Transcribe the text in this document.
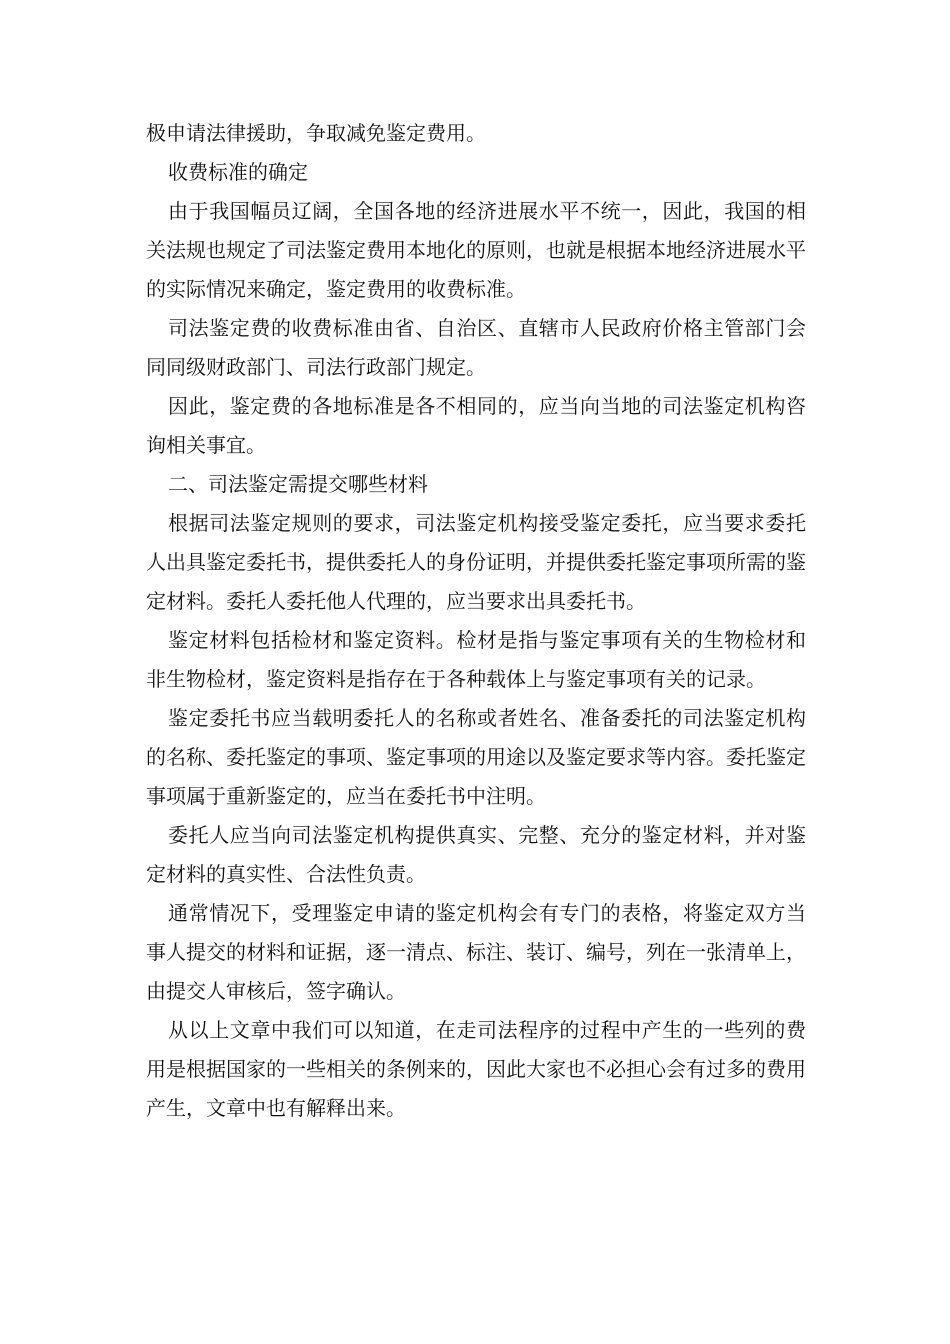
极申请法律援助，争取减免鉴定费用。

收费标准的确定

由于我国幅员辽阔，全国各地的经济进展水平不统一，因此，我国的相关法规也规定了司法鉴定费用本地化的原则，也就是根据本地经济进展水平的实际情况来确定，鉴定费用的收费标准。

司法鉴定费的收费标准由省、自治区、直辖市人民政府价格主管部门会同同级财政部门、司法行政部门规定。

因此，鉴定费的各地标准是各不相同的，应当向当地的司法鉴定机构咨询相关事宜。

二、司法鉴定需提交哪些材料

根据司法鉴定规则的要求，司法鉴定机构接受鉴定委托，应当要求委托人出具鉴定委托书，提供委托人的身份证明，并提供委托鉴定事项所需的鉴定材料。委托人委托他人代理的，应当要求出具委托书。

鉴定材料包括检材和鉴定资料。检材是指与鉴定事项有关的生物检材和非生物检材，鉴定资料是指存在于各种载体上与鉴定事项有关的记录。

鉴定委托书应当载明委托人的名称或者姓名、准备委托的司法鉴定机构的名称、委托鉴定的事项、鉴定事项的用途以及鉴定要求等内容。委托鉴定事项属于重新鉴定的，应当在委托书中注明。

委托人应当向司法鉴定机构提供真实、完整、充分的鉴定材料，并对鉴定材料的真实性、合法性负责。

通常情况下，受理鉴定申请的鉴定机构会有专门的表格，将鉴定双方当事人提交的材料和证据，逐一清点、标注、装订、编号，列在一张清单上，由提交人审核后，签字确认。

从以上文章中我们可以知道，在走司法程序的过程中产生的一些列的费用是根据国家的一些相关的条例来的，因此大家也不必担心会有过多的费用产生，文章中也有解释出来。
